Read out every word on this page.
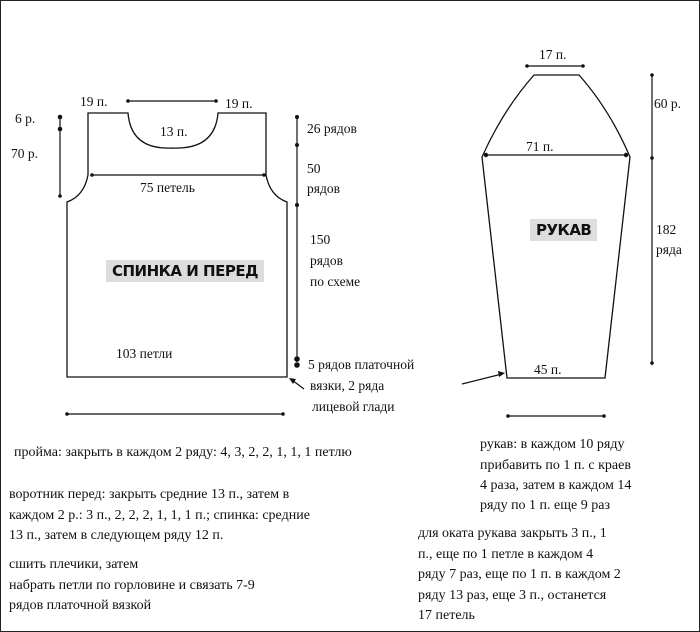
19 п.	19 п.
13 п.
6 р.
70 р.
75 петель
26 рядов
50
рядов
150
рядов
по схеме
СПИНКА И ПЕРЕД
103 петли
5 рядов платочной
вязки, 2 ряда
лицевой глади
17 п.
71 п.
60 р.
182
ряда
РУКАВ
45 п.
пройма: закрыть в каждом 2 ряду: 4, 3, 2, 2, 1, 1, 1 петлю
воротник перед: закрыть средние 13 п., затем в
каждом 2 р.: 3 п., 2, 2, 2, 1, 1, 1 п.; спинка: средние
13 п., затем в следующем ряду 12 п.
сшить плечики, затем
набрать петли по горловине и связать 7-9
рядов платочной вязкой
рукав: в каждом 10 ряду
прибавить по 1 п. с краев
4 раза, затем в каждом 14
ряду по 1 п. еще 9 раз
для оката рукава закрыть 3 п., 1
п., еще по 1 петле в каждом 4
ряду 7 раз, еще по 1 п. в каждом 2
ряду 13 раз, еще 3 п., останется
17 петель
